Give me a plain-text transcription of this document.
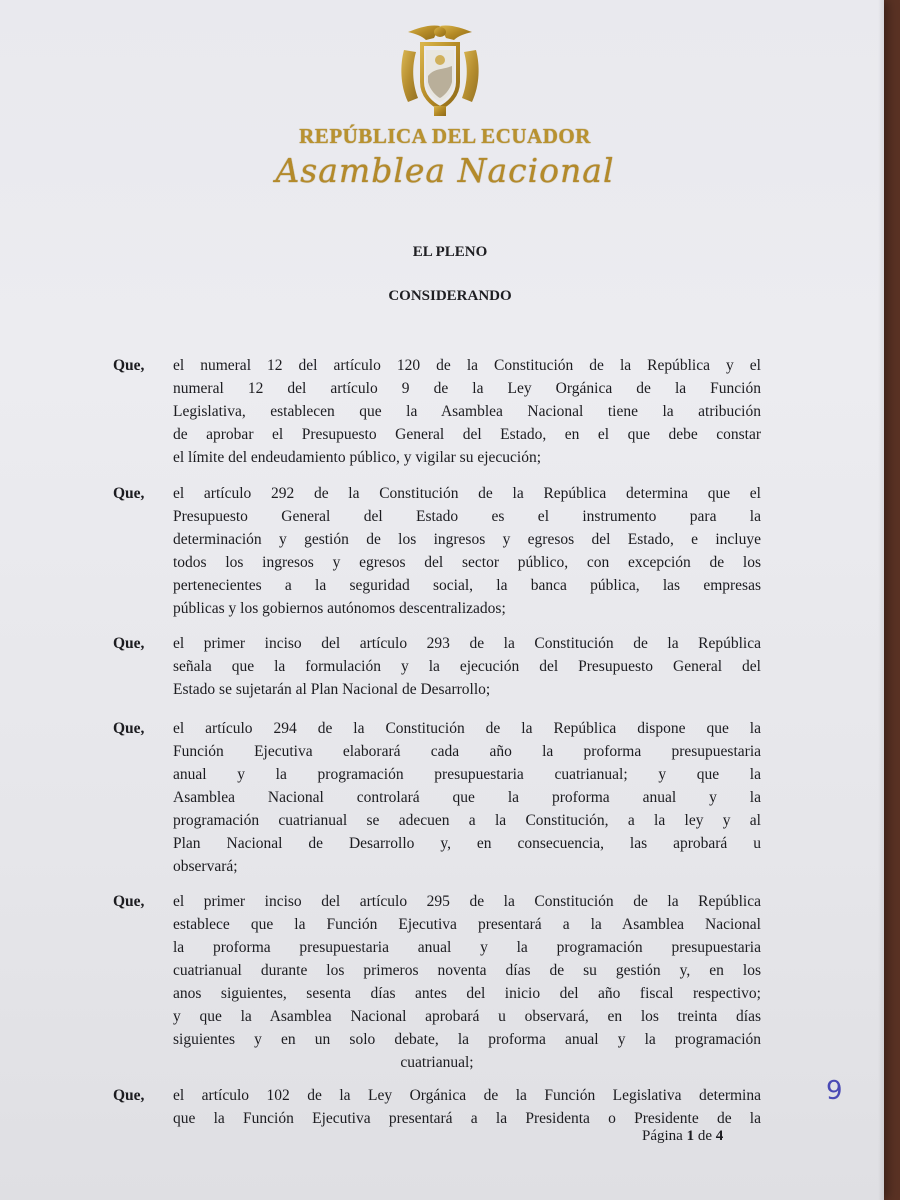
REPÚBLICA DEL ECUADOR
Asamblea Nacional
EL PLENO
CONSIDERANDO
Que,	el numeral 12 del artículo 120 de la Constitución de la República y el
numeral 12 del artículo 9 de la Ley Orgánica de la Función
Legislativa, establecen que la Asamblea Nacional tiene la atribución
de aprobar el Presupuesto General del Estado, en el que debe constar
el límite del endeudamiento público, y vigilar su ejecución;
Que,	el artículo 292 de la Constitución de la República determina que el
Presupuesto General del Estado es el instrumento para la
determinación y gestión de los ingresos y egresos del Estado, e incluye
todos los ingresos y egresos del sector público, con excepción de los
pertenecientes a la seguridad social, la banca pública, las empresas
públicas y los gobiernos autónomos descentralizados;
Que,	el primer inciso del artículo 293 de la Constitución de la República
señala que la formulación y la ejecución del Presupuesto General del
Estado se sujetarán al Plan Nacional de Desarrollo;
Que,	el artículo 294 de la Constitución de la República dispone que la
Función Ejecutiva elaborará cada año la proforma presupuestaria
anual y la programación presupuestaria cuatrianual; y que la
Asamblea Nacional controlará que la proforma anual y la
programación cuatrianual se adecuen a la Constitución, a la ley y al
Plan Nacional de Desarrollo y, en consecuencia, las aprobará u
observará;
Que,	el primer inciso del artículo 295 de la Constitución de la República
establece que la Función Ejecutiva presentará a la Asamblea Nacional
la proforma presupuestaria anual y la programación presupuestaria
cuatrianual durante los primeros noventa días de su gestión y, en los
anos siguientes, sesenta días antes del inicio del año fiscal respectivo;
y que la Asamblea Nacional aprobará u observará, en los treinta días
siguientes y en un solo debate, la proforma anual y la programación
cuatrianual;
Que,	el artículo 102 de la Ley Orgánica de la Función Legislativa determina
que la Función Ejecutiva presentará a la Presidenta o Presidente de la
9
Página 1 de 4
